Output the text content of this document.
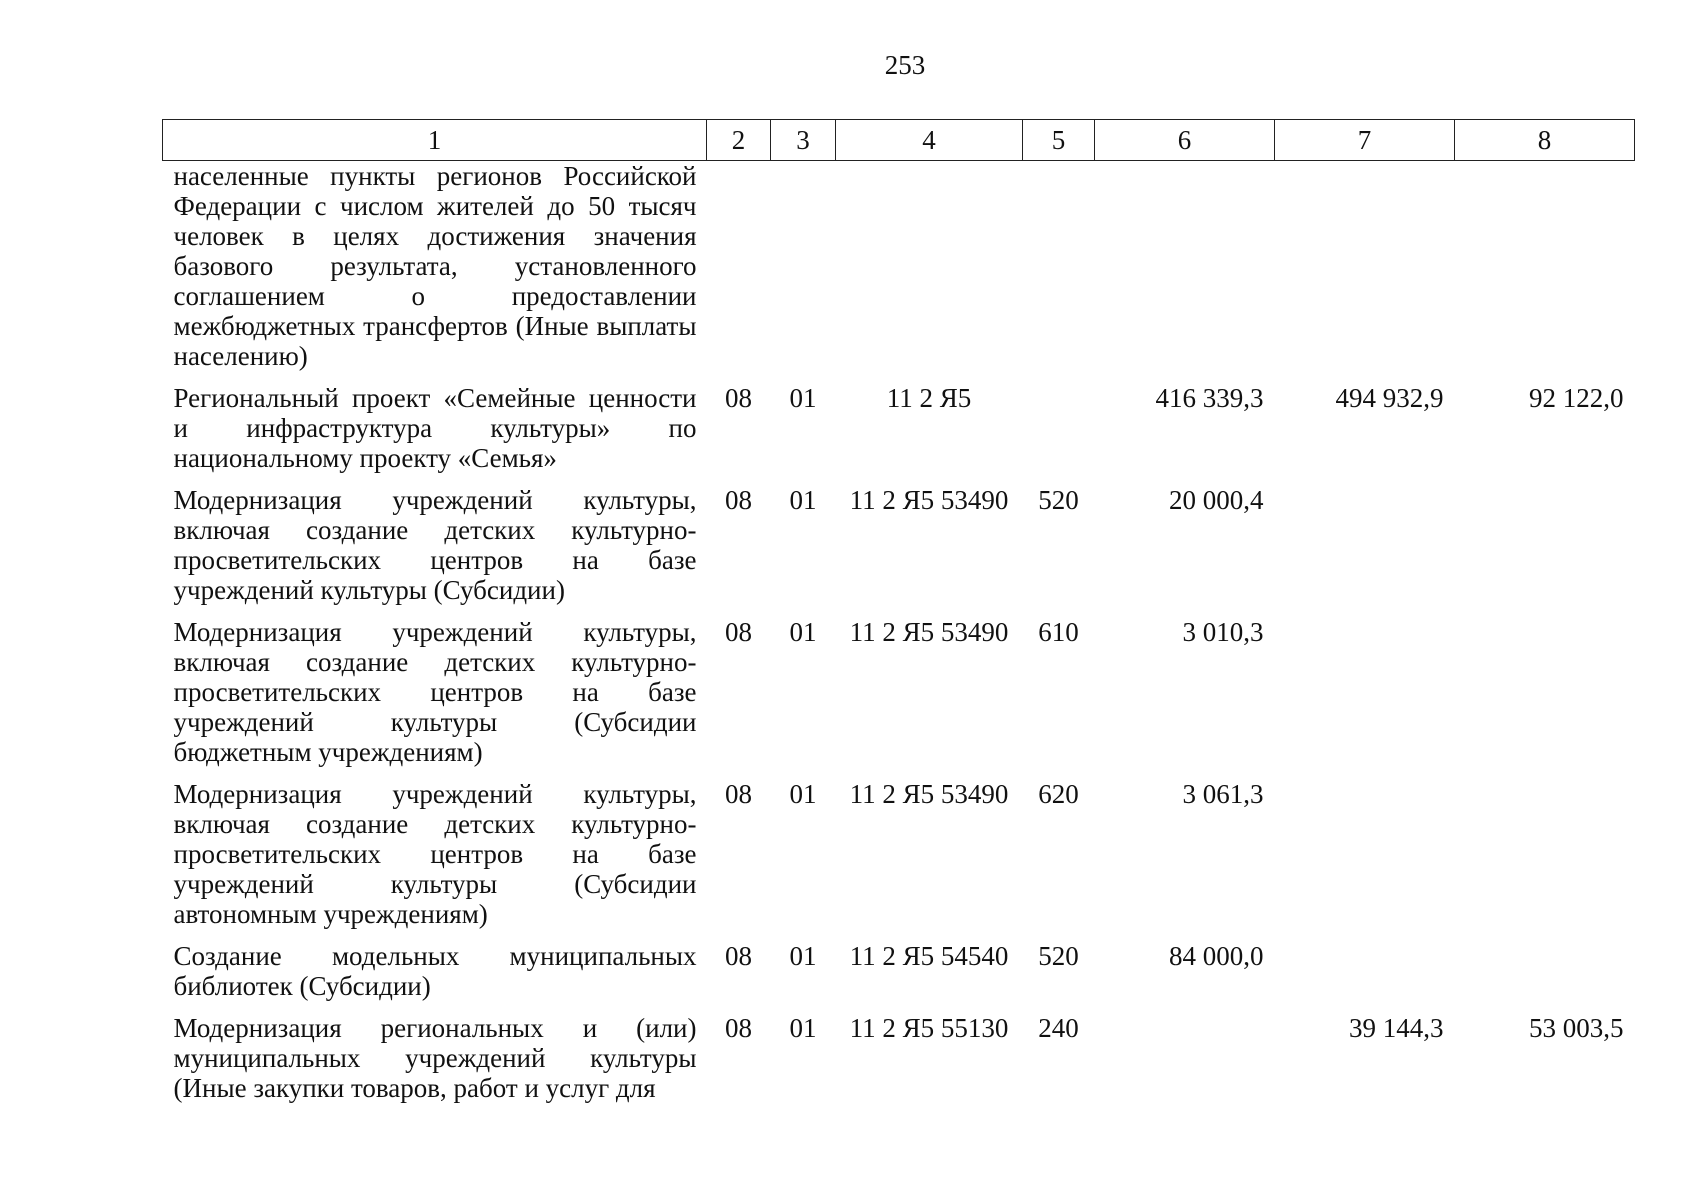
253
1	2	3	4	5	6	7	8
населенные пункты регионов Российской Федерации с числом жителей до 50 тысяч человек в целях достижения значения базового результата, установленного соглашением о предоставлении межбюджетных трансфертов (Иные выплаты населению)							
Региональный проект «Семейные ценности и инфраструктура культуры» по национальному проекту «Семья»	08	01	11 2 Я5		416 339,3	494 932,9	92 122,0
Модернизация учреждений культуры, включая создание детских культурно-просветительских центров на базе учреждений культуры (Субсидии)	08	01	11 2 Я5 53490	520	20 000,4		
Модернизация учреждений культуры, включая создание детских культурно-просветительских центров на базе учреждений культуры (Субсидии бюджетным учреждениям)	08	01	11 2 Я5 53490	610	3 010,3		
Модернизация учреждений культуры, включая создание детских культурно-просветительских центров на базе учреждений культуры (Субсидии автономным учреждениям)	08	01	11 2 Я5 53490	620	3 061,3		
Создание модельных муниципальных библиотек (Субсидии)	08	01	11 2 Я5 54540	520	84 000,0		
Модернизация региональных и (или) муниципальных учреждений культуры (Иные закупки товаров, работ и услуг для	08	01	11 2 Я5 55130	240		39 144,3	53 003,5
